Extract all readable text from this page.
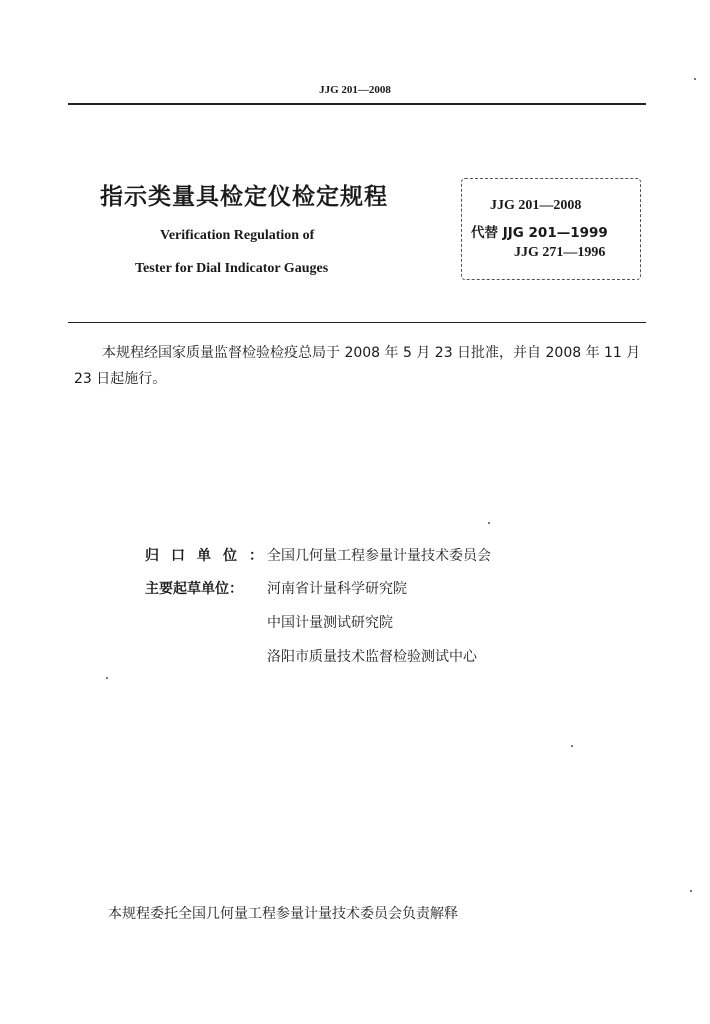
JJG 201—2008
指示类量具检定仪检定规程
Verification Regulation of
Tester for Dial Indicator Gauges
JJG 201—2008
代替 JJG 201—1999
JJG 271—1996
本规程经国家质量监督检验检疫总局于 2008 年 5 月 23 日批准，并自 2008 年 11 月 23 日起施行。
归口单位：
全国几何量工程参量计量技术委员会
主要起草单位： 河南省计量科学研究院
中国计量测试研究院
洛阳市质量技术监督检验测试中心
本规程委托全国几何量工程参量计量技术委员会负责解释
